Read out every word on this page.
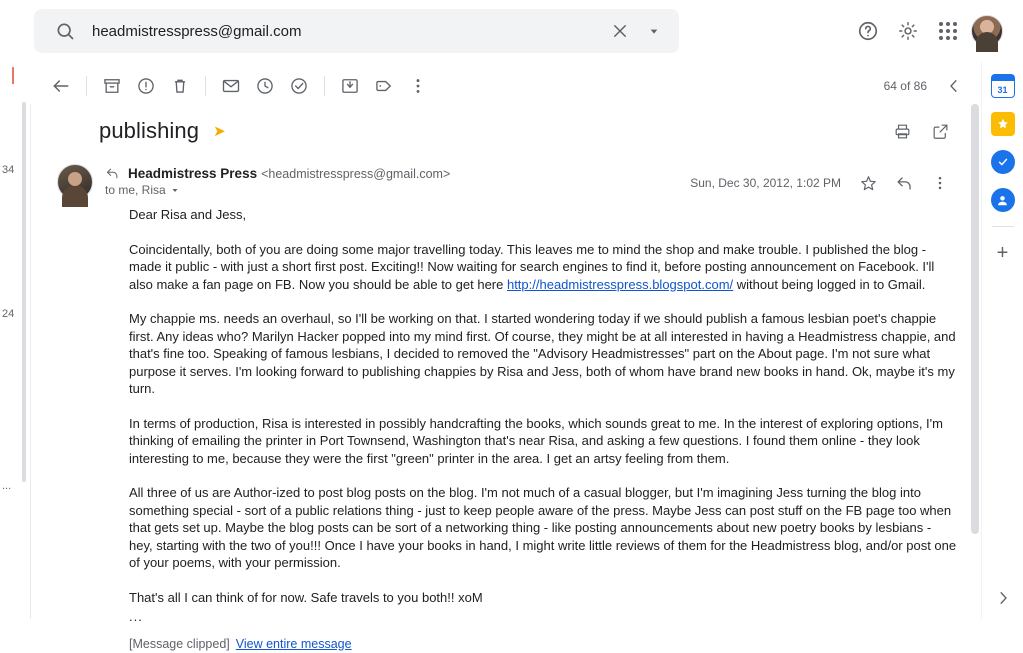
headmistresspress@gmail.com
64 of 86
34
24
...
31
+
publishing ➤
Headmistress Press <headmistresspress@gmail.com>
to me, Risa	Sun, Dec 30, 2012, 1:02 PM

Dear Risa and Jess,

Coincidentally, both of you are doing some major travelling today. This leaves me to mind the shop and make trouble. I published the blog - made it public - with just a short first post. Exciting!! Now waiting for search engines to find it, before posting announcement on Facebook. I'll also make a fan page on FB. Now you should be able to get here http://headmistresspress.blogspot.com/ without being logged in to Gmail.

My chappie ms. needs an overhaul, so I'll be working on that. I started wondering today if we should publish a famous lesbian poet's chappie first. Any ideas who? Marilyn Hacker popped into my mind first. Of course, they might be at all interested in having a Headmistress chappie, and that's fine too. Speaking of famous lesbians, I decided to removed the "Advisory Headmistresses" part on the About page. I'm not sure what purpose it serves. I'm looking forward to publishing chappies by Risa and Jess, both of whom have brand new books in hand. Ok, maybe it's my turn.

In terms of production, Risa is interested in possibly handcrafting the books, which sounds great to me. In the interest of exploring options, I'm thinking of emailing the printer in Port Townsend, Washington that's near Risa, and asking a few questions. I found them online - they look interesting to me, because they were the first "green" printer in the area. I get an artsy feeling from them.

All three of us are Author-ized to post blog posts on the blog. I'm not much of a casual blogger, but I'm imagining Jess turning the blog into something special - sort of a public relations thing - just to keep people aware of the press. Maybe Jess can post stuff on the FB page too when that gets set up. Maybe the blog posts can be sort of a networking thing - like posting announcements about new poetry books by lesbians - hey, starting with the two of you!!! Once I have your books in hand, I might write little reviews of them for the Headmistress blog, and/or post one of your poems, with your permission.

That's all I can think of for now. Safe travels to you both!! xoM

...

[Message clipped] View entire message
